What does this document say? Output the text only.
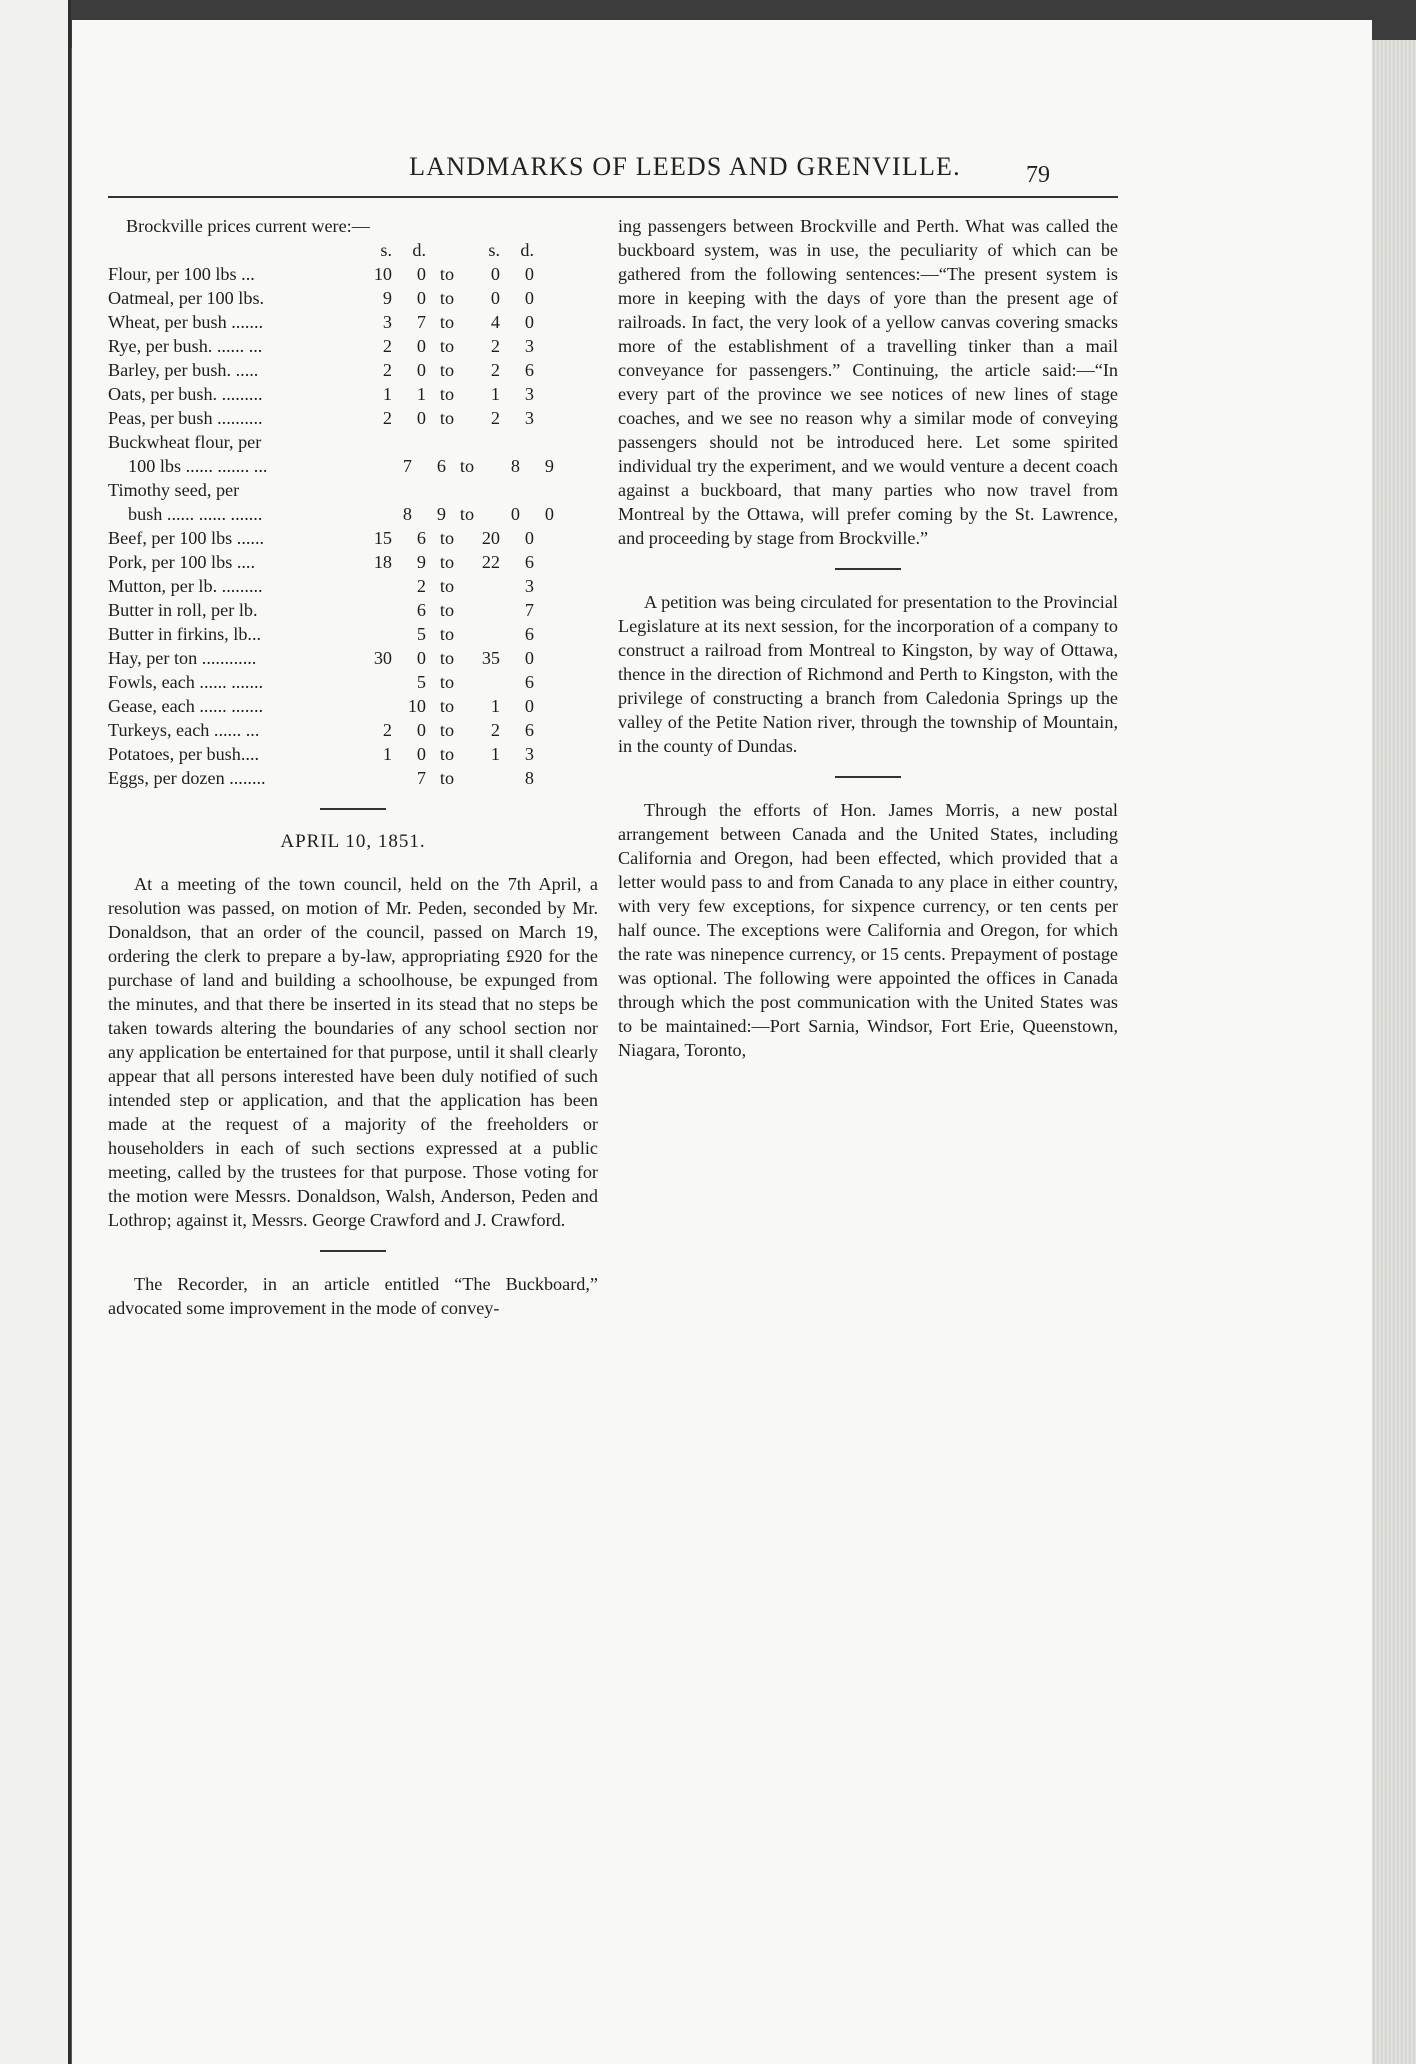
LANDMARKS OF LEEDS AND GRENVILLE.	79
Brockville prices current were:—
s.	d.	s.	d.
Flour, per 100 lbs ...	10	0 to	0	0
Oatmeal, per 100 lbs.	9	0 to	0	0
Wheat, per bush .......	3	7 to	4	0
Rye, per bush. ...... ...	2	0 to	2	3
Barley, per bush. .....	2	0 to	2	6
Oats, per bush. .........	1	1 to	1	3
Peas, per bush ..........	2	0 to	2	3
Buckwheat flour, per
100 lbs ...... ....... ...	7	6 to	8	9
Timothy seed, per
bush ...... ...... .......	8	9 to	0	0
Beef, per 100 lbs ......	15	6 to	20	0
Pork, per 100 lbs ....	18	9 to	22	6
Mutton, per lb. .........	2 to	3
Butter in roll, per lb.	6 to	7
Butter in firkins, lb...	5 to	6
Hay, per ton ............	30	0 to	35	0
Fowls, each ...... .......	5 to	6
Gease, each ...... .......	10 to	1	0
Turkeys, each ...... ...	2	0 to	2	6
Potatoes, per bush....	1	0 to	1	3
Eggs, per dozen ........	7 to	8
APRIL 10, 1851.
At a meeting of the town council, held on the 7th April, a resolution was passed, on motion of Mr. Peden, seconded by Mr. Donaldson, that an order of the council, passed on March 19, ordering the clerk to prepare a by-law, appropriating £920 for the purchase of land and building a schoolhouse, be expunged from the minutes, and that there be inserted in its stead that no steps be taken towards altering the boundaries of any school section nor any application be entertained for that purpose, until it shall clearly appear that all persons interested have been duly notified of such intended step or application, and that the application has been made at the request of a majority of the freeholders or householders in each of such sections expressed at a public meeting, called by the trustees for that purpose. Those voting for the motion were Messrs. Donaldson, Walsh, Anderson, Peden and Lothrop; against it, Messrs. George Crawford and J. Crawford.
The Recorder, in an article entitled “The Buckboard,” advocated some improvement in the mode of convey-
ing passengers between Brockville and Perth. What was called the buckboard system, was in use, the peculiarity of which can be gathered from the following sentences:—“The present system is more in keeping with the days of yore than the present age of railroads. In fact, the very look of a yellow canvas covering smacks more of the establishment of a travelling tinker than a mail conveyance for passengers.” Continuing, the article said:—“In every part of the province we see notices of new lines of stage coaches, and we see no reason why a similar mode of conveying passengers should not be introduced here. Let some spirited individual try the experiment, and we would venture a decent coach against a buckboard, that many parties who now travel from Montreal by the Ottawa, will prefer coming by the St. Lawrence, and proceeding by stage from Brockville.”
A petition was being circulated for presentation to the Provincial Legislature at its next session, for the incorporation of a company to construct a railroad from Montreal to Kingston, by way of Ottawa, thence in the direction of Richmond and Perth to Kingston, with the privilege of constructing a branch from Caledonia Springs up the valley of the Petite Nation river, through the township of Mountain, in the county of Dundas.
Through the efforts of Hon. James Morris, a new postal arrangement between Canada and the United States, including California and Oregon, had been effected, which provided that a letter would pass to and from Canada to any place in either country, with very few exceptions, for sixpence currency, or ten cents per half ounce. The exceptions were California and Oregon, for which the rate was ninepence currency, or 15 cents. Prepayment of postage was optional. The following were appointed the offices in Canada through which the post communication with the United States was to be maintained:—Port Sarnia, Windsor, Fort Erie, Queenstown, Niagara, Toronto,
